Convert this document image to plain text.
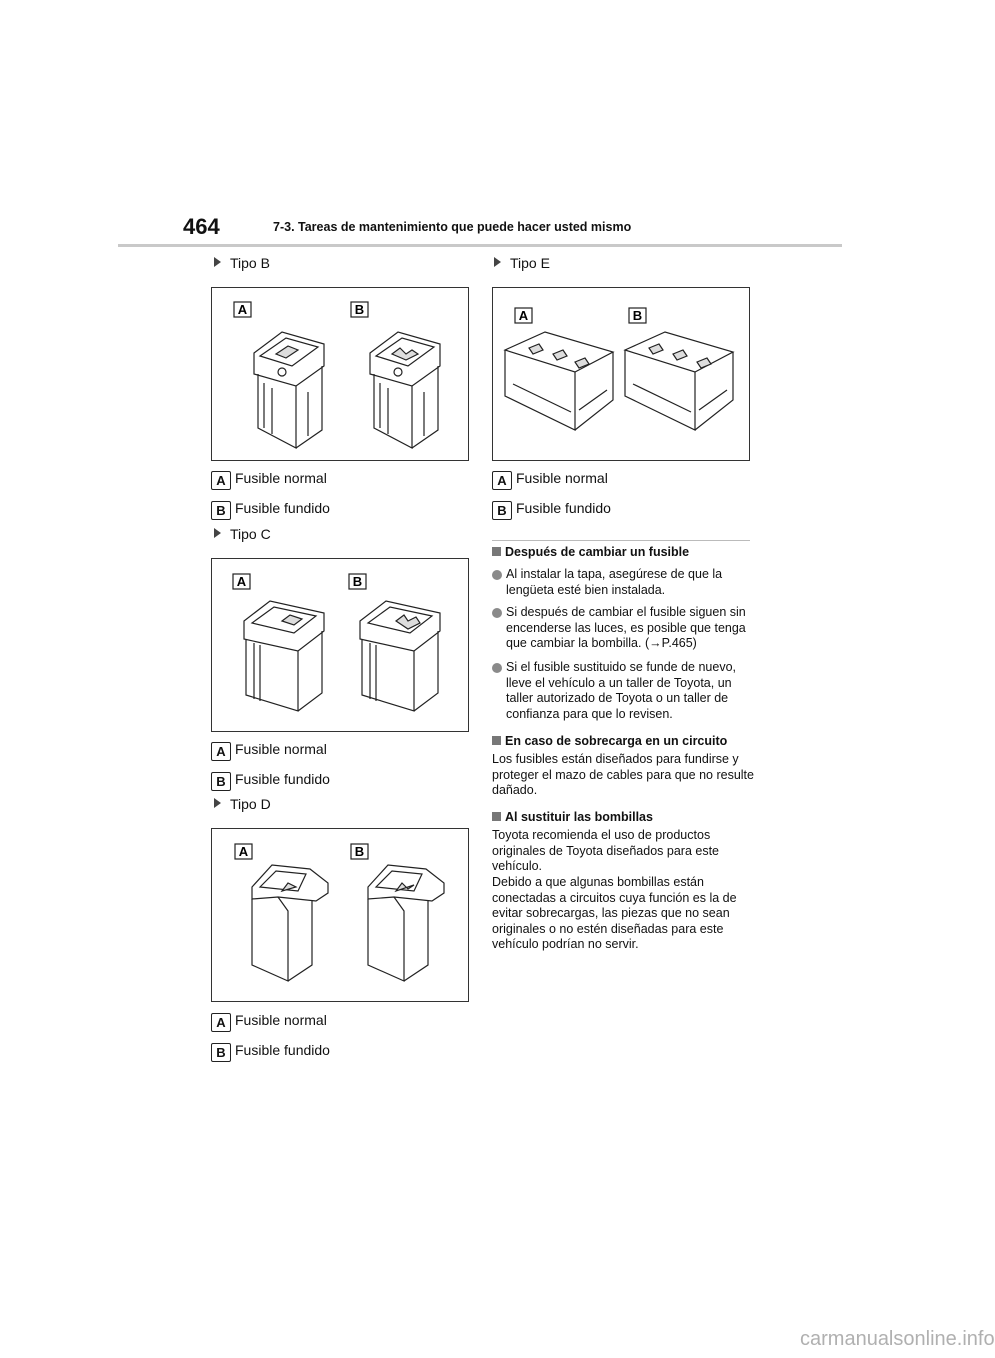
464	7-3. Tareas de mantenimiento que puede hacer usted mismo
Tipo B
A	B
A Fusible normal
B Fusible fundido
Tipo C
A	B
A Fusible normal
B Fusible fundido
Tipo D
A	B
A Fusible normal
B Fusible fundido
Tipo E
A	B
A Fusible normal
B Fusible fundido
Después de cambiar un fusible
Al instalar la tapa, asegúrese de que la lengüeta esté bien instalada.
Si después de cambiar el fusible siguen sin encenderse las luces, es posible que tenga que cambiar la bombilla. (→P.465)
Si el fusible sustituido se funde de nuevo, lleve el vehículo a un taller de Toyota, un taller autorizado de Toyota o un taller de confianza para que lo revisen.
En caso de sobrecarga en un circuito
Los fusibles están diseñados para fundirse y proteger el mazo de cables para que no resulte dañado.
Al sustituir las bombillas
Toyota recomienda el uso de productos originales de Toyota diseñados para este vehículo.
Debido a que algunas bombillas están conectadas a circuitos cuya función es la de evitar sobrecargas, las piezas que no sean originales o no estén diseñadas para este vehículo podrían no servir.
carmanualsonline.info
